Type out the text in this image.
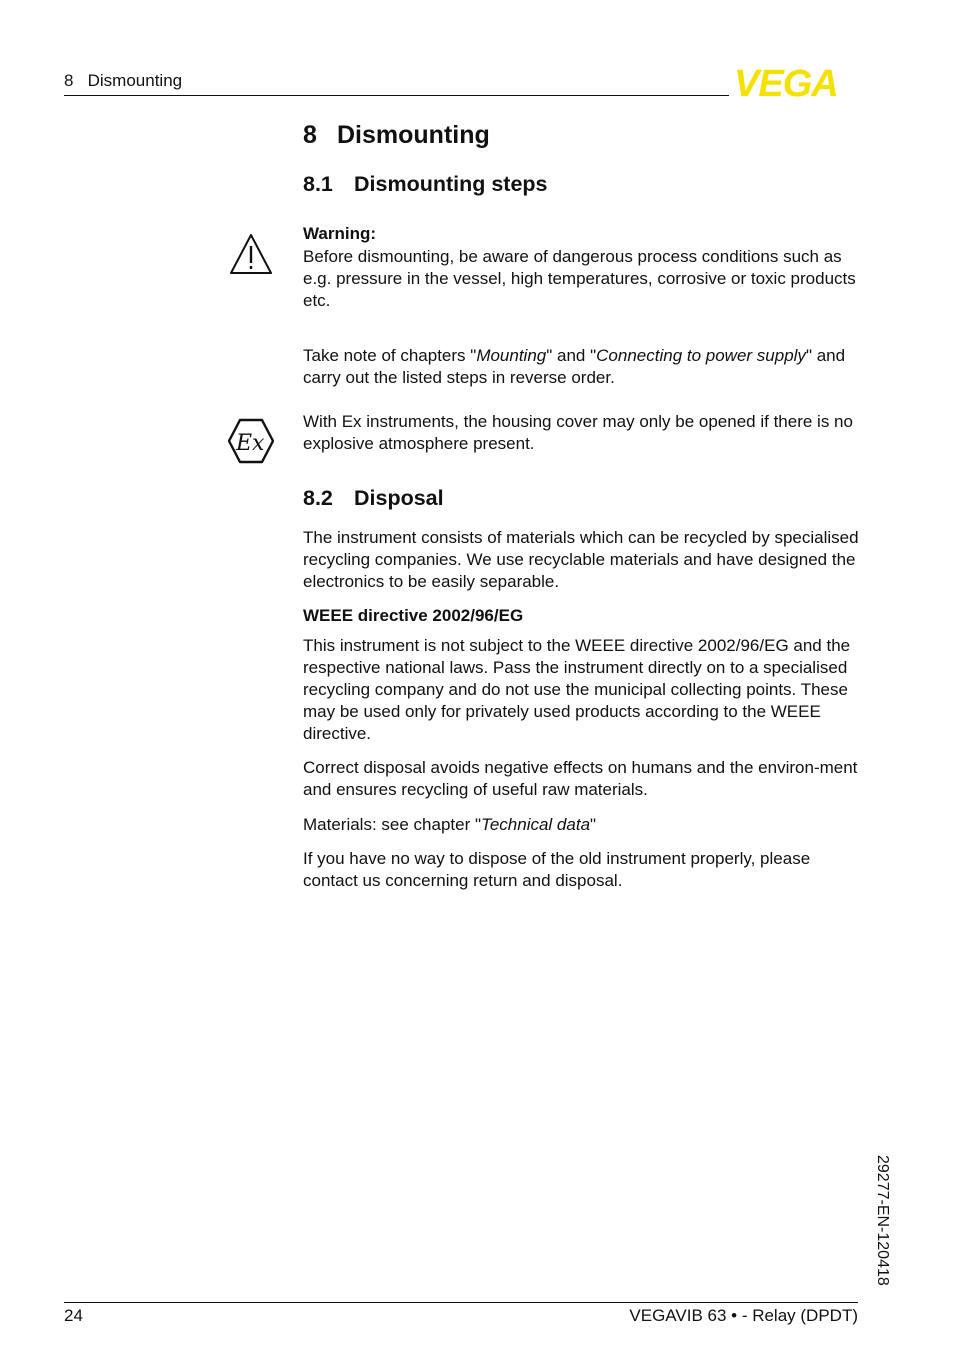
8   Dismounting	VEGA
8 Dismounting
8.1 Dismounting steps

Warning:

Before dismounting, be aware of dangerous process conditions such as e.g. pressure in the vessel, high temperatures, corrosive or toxic products etc.

Take note of chapters "Mounting" and "Connecting to power supply" and carry out the listed steps in reverse order.

Ex

With Ex instruments, the housing cover may only be opened if there is no explosive atmosphere present.

8.2 Disposal

The instrument consists of materials which can be recycled by specialised recycling companies. We use recyclable materials and have designed the electronics to be easily separable.

WEEE directive 2002/96/EG

This instrument is not subject to the WEEE directive 2002/96/EG and the respective national laws. Pass the instrument directly on to a specialised recycling company and do not use the municipal collecting points. These may be used only for privately used products according to the WEEE directive.

Correct disposal avoids negative effects on humans and the environ-ment and ensures recycling of useful raw materials.

Materials: see chapter "Technical data"

If you have no way to dispose of the old instrument properly, please contact us concerning return and disposal.

29277-EN-120418
24	VEGAVIB 63 • - Relay (DPDT)
